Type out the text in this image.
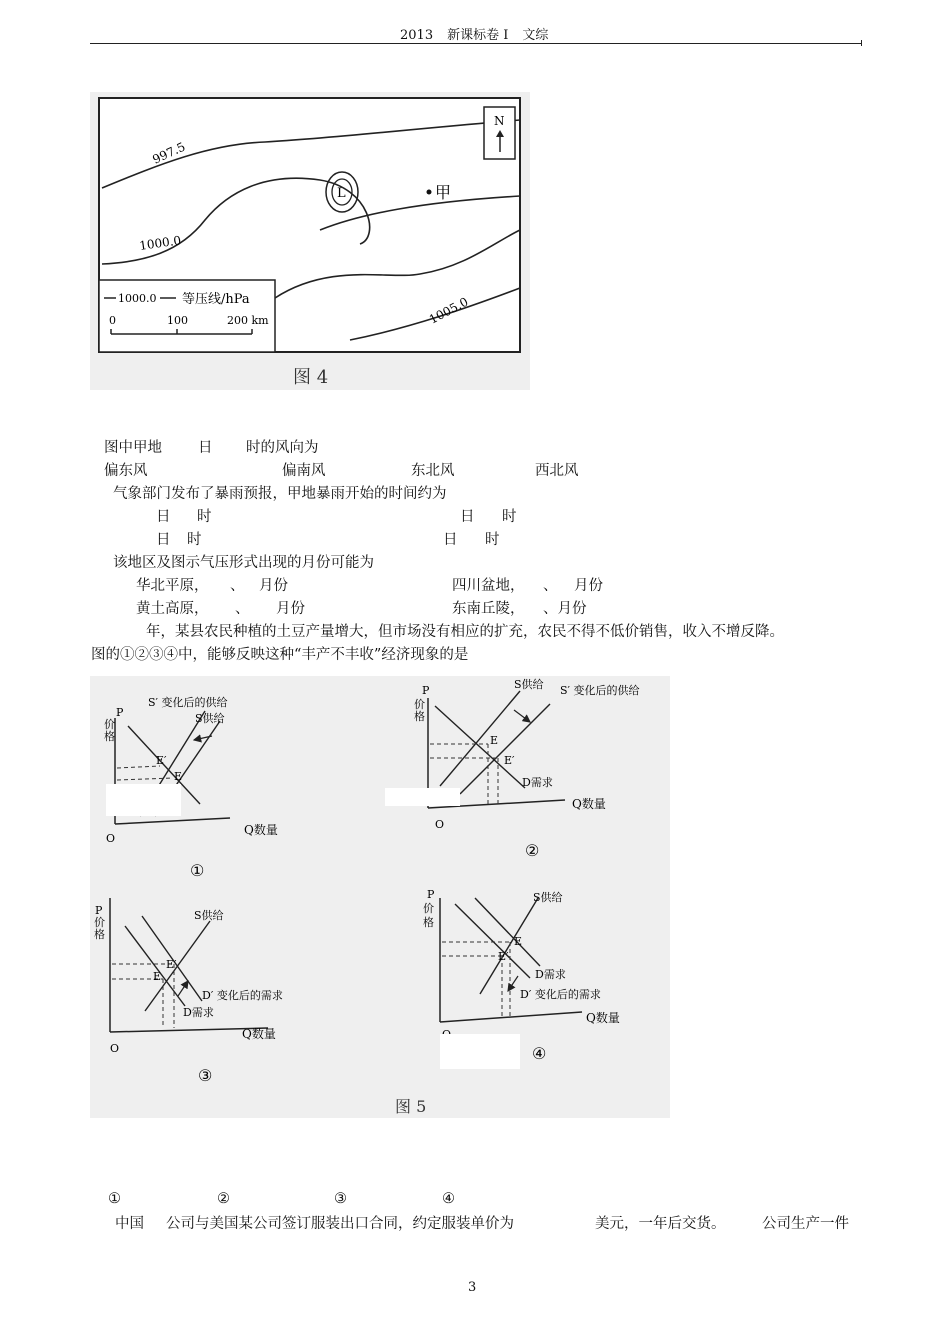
2013 新课标卷 I 文综
L	甲
N
997.5
1000.0
1005.0
1000.0 等压线/hPa
0	100	200 km
图 4
图中甲地 日 时的风向为
偏东风	偏南风	东北风	西北风
气象部门发布了暴雨预报，甲地暴雨开始的时间约为
日 时	日 时
日 时	日 时
该地区及图示气压形式出现的月份可能为
华北平原， 、 月份	四川盆地， 、 月份
黄土高原， 、 月份	东南丘陵， 、月份
年，某县农民种植的土豆产量增大，但市场没有相应的扩充，农民不得不低价销售，收入不增反降。
图的①②③④中，能够反映这种“丰产不丰收”经济现象的是
P
价
格
Q数量
O
E′
E
S′ 变化后的供给
S供给
①
P
价
格
Q数量
O
E
E′
S供给 S′ 变化后的供给
D需求
②
P
价
格
Q数量
O
S供给
E′
E
D′ 变化后的需求
D需求
③
P
价
格
Q数量
S供给
E
E′
D需求
D′ 变化后的需求
④
图 5
①	②	③	④
中国 公司与美国某公司签订服装出口合同，约定服装单价为	美元，一年后交货。	公司生产一件
3
